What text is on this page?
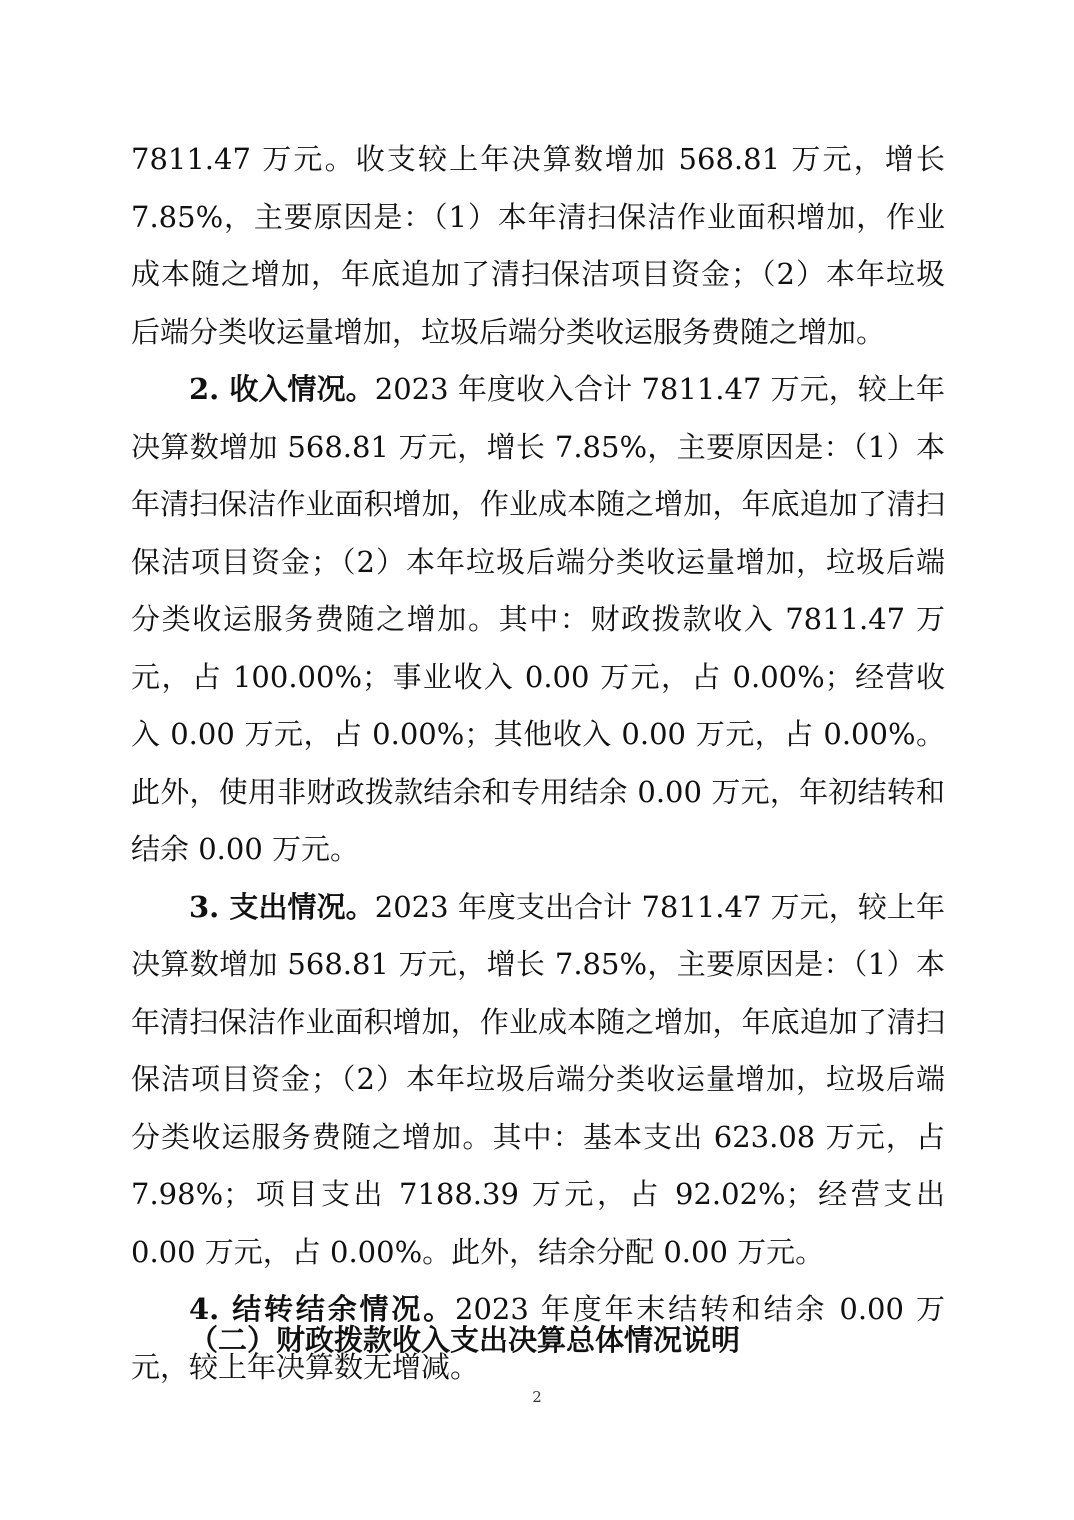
7811.47 万元。收支较上年决算数增加 568.81 万元，增长 7.85%，主要原因是：（1）本年清扫保洁作业面积增加，作业成本随之增加，年底追加了清扫保洁项目资金；（2）本年垃圾后端分类收运量增加，垃圾后端分类收运服务费随之增加。

2. 收入情况。2023 年度收入合计 7811.47 万元，较上年决算数增加 568.81 万元，增长 7.85%，主要原因是：（1）本年清扫保洁作业面积增加，作业成本随之增加，年底追加了清扫保洁项目资金；（2）本年垃圾后端分类收运量增加，垃圾后端分类收运服务费随之增加。其中：财政拨款收入 7811.47 万元，占 100.00%；事业收入 0.00 万元，占 0.00%；经营收入 0.00 万元，占 0.00%；其他收入 0.00 万元，占 0.00%。此外，使用非财政拨款结余和专用结余 0.00 万元，年初结转和结余 0.00 万元。

3. 支出情况。2023 年度支出合计 7811.47 万元，较上年决算数增加 568.81 万元，增长 7.85%，主要原因是：（1）本年清扫保洁作业面积增加，作业成本随之增加，年底追加了清扫保洁项目资金；（2）本年垃圾后端分类收运量增加，垃圾后端分类收运服务费随之增加。其中：基本支出 623.08 万元，占 7.98%；项目支出 7188.39 万元，占 92.02%；经营支出 0.00 万元，占 0.00%。此外，结余分配 0.00 万元。

4. 结转结余情况。2023 年度年末结转和结余 0.00 万元，较上年决算数无增减。

（二）财政拨款收入支出决算总体情况说明
2
